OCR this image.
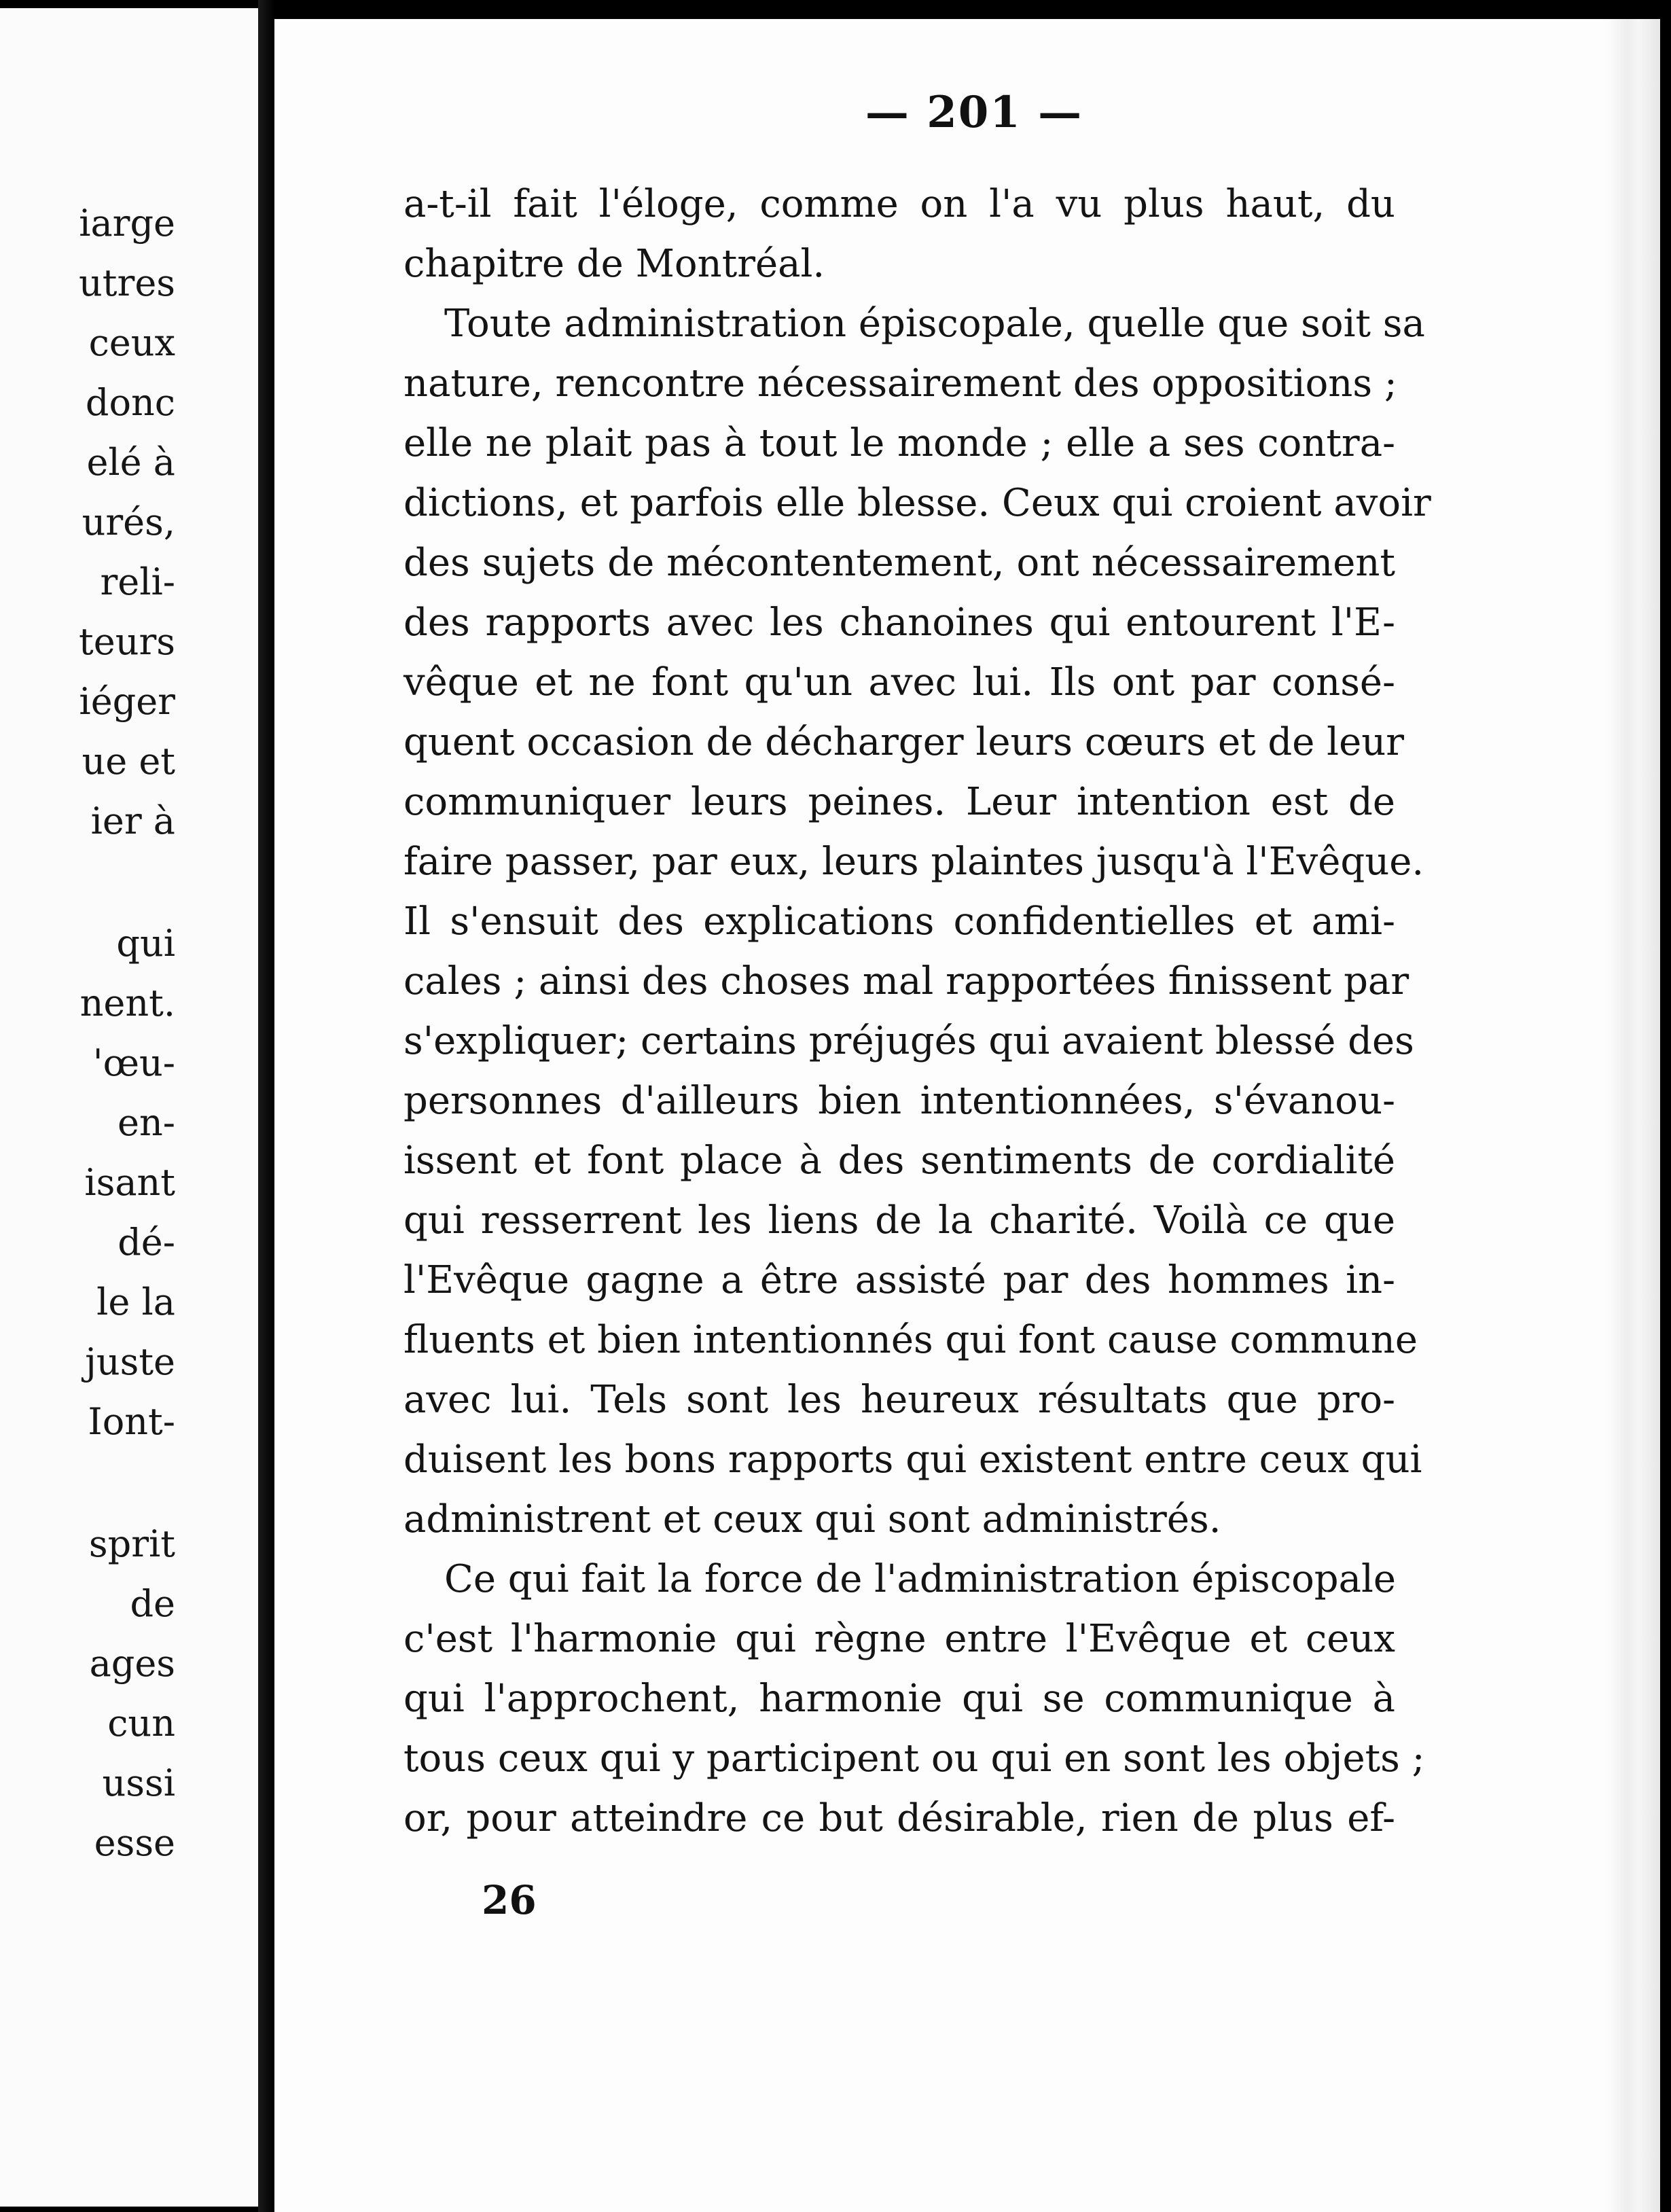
iarge
utres
ceux
donc
elé à
urés,
reli-
teurs
iéger
ue et
ier à
qui
nent.
'œu-
en-
isant
dé-
le la
juste
Iont-
sprit
de
ages
cun
ussi
esse
— 201 —
a-t-il fait l'éloge, comme on l'a vu plus haut, du
chapitre de Montréal.
Toute administration épiscopale, quelle que soit sa
nature, rencontre nécessairement des oppositions ;
elle ne plait pas à tout le monde ; elle a ses contra-
dictions, et parfois elle blesse. Ceux qui croient avoir
des sujets de mécontentement, ont nécessairement
des rapports avec les chanoines qui entourent l'E-
vêque et ne font qu'un avec lui. Ils ont par consé-
quent occasion de décharger leurs cœurs et de leur
communiquer leurs peines. Leur intention est de
faire passer, par eux, leurs plaintes jusqu'à l'Evêque.
Il s'ensuit des explications confidentielles et ami-
cales ; ainsi des choses mal rapportées finissent par
s'expliquer; certains préjugés qui avaient blessé des
personnes d'ailleurs bien intentionnées, s'évanou-
issent et font place à des sentiments de cordialité
qui resserrent les liens de la charité. Voilà ce que
l'Evêque gagne a être assisté par des hommes in-
fluents et bien intentionnés qui font cause commune
avec lui. Tels sont les heureux résultats que pro-
duisent les bons rapports qui existent entre ceux qui
administrent et ceux qui sont administrés.
Ce qui fait la force de l'administration épiscopale
c'est l'harmonie qui règne entre l'Evêque et ceux
qui l'approchent, harmonie qui se communique à
tous ceux qui y participent ou qui en sont les objets ;
or, pour atteindre ce but désirable, rien de plus ef-
26
